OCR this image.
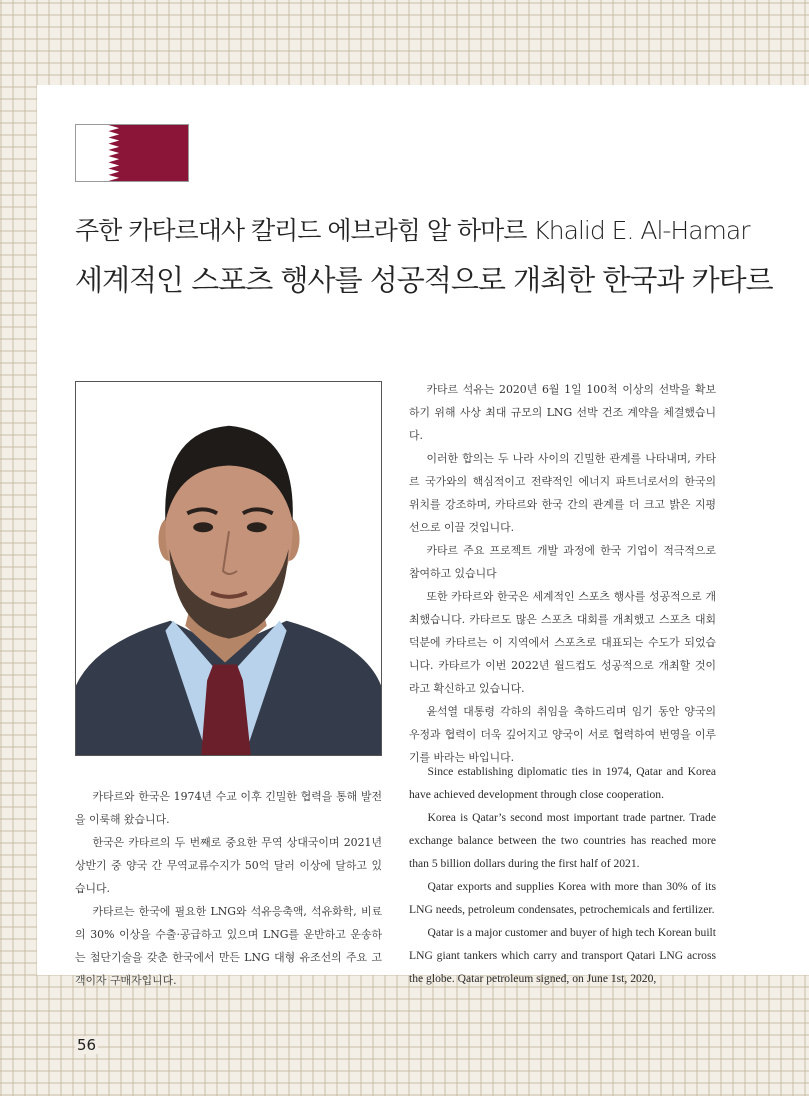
주한 카타르대사 칼리드 에브라힘 알 하마르 Khalid E. Al-Hamar
세계적인 스포츠 행사를 성공적으로 개최한 한국과 카타르

카타르 석유는 2020년 6월 1일 100척 이상의 선박을 확보하기 위해 사상 최대 규모의 LNG 선박 건조 계약을 체결했습니다.

이러한 합의는 두 나라 사이의 긴밀한 관계를 나타내며, 카타르 국가와의 핵심적이고 전략적인 에너지 파트너로서의 한국의 위치를 강조하며, 카타르와 한국 간의 관계를 더 크고 밝은 지평선으로 이끌 것입니다.

카타르 주요 프로젝트 개발 과정에 한국 기업이 적극적으로 참여하고 있습니다

또한 카타르와 한국은 세계적인 스포츠 행사를 성공적으로 개최했습니다. 카타르도 많은 스포츠 대회를 개최했고 스포츠 대회 덕분에 카타르는 이 지역에서 스포츠로 대표되는 수도가 되었습니다. 카타르가 이번 2022년 월드컵도 성공적으로 개최할 것이라고 확신하고 있습니다.

윤석열 대통령 각하의 취임을 축하드리며 임기 동안 양국의 우정과 협력이 더욱 깊어지고 양국이 서로 협력하여 번영을 이루기를 바라는 바입니다.

카타르와 한국은 1974년 수교 이후 긴밀한 협력을 통해 발전을 이룩해 왔습니다.

한국은 카타르의 두 번째로 중요한 무역 상대국이며 2021년 상반기 중 양국 간 무역교류수지가 50억 달러 이상에 달하고 있습니다.

카타르는 한국에 필요한 LNG와 석유응축액, 석유화학, 비료의 30% 이상을 수출·공급하고 있으며 LNG를 운반하고 운송하는 첨단기술을 갖춘 한국에서 만든 LNG 대형 유조선의 주요 고객이자 구매자입니다.

Since establishing diplomatic ties in 1974, Qatar and Korea have achieved development through close cooperation.

Korea is Qatar’s second most important trade partner. Trade exchange balance between the two countries has reached more than 5 billion dollars during the first half of 2021.

Qatar exports and supplies Korea with more than 30% of its LNG needs, petroleum condensates, petrochemicals and fertilizer.

Qatar is a major customer and buyer of high tech Korean built LNG giant tankers which carry and transport Qatari LNG across the globe. Qatar petroleum signed, on June 1st, 2020,

56
